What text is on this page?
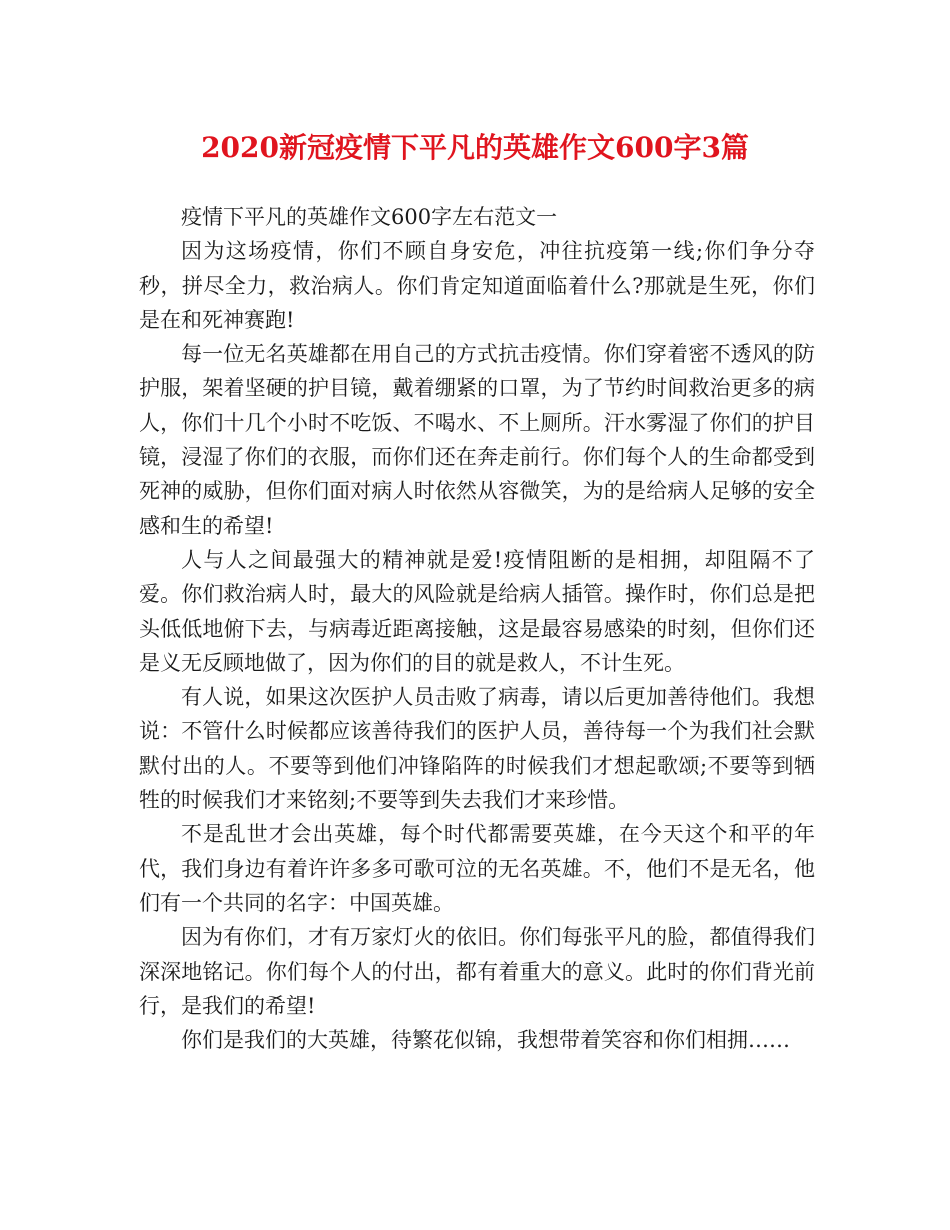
2020新冠疫情下平凡的英雄作文600字3篇

疫情下平凡的英雄作文600字左右范文一

因为这场疫情，你们不顾自身安危，冲往抗疫第一线;你们争分夺秒，拼尽全力，救治病人。你们肯定知道面临着什么?那就是生死，你们是在和死神赛跑!

每一位无名英雄都在用自己的方式抗击疫情。你们穿着密不透风的防护服，架着坚硬的护目镜，戴着绷紧的口罩，为了节约时间救治更多的病人，你们十几个小时不吃饭、不喝水、不上厕所。汗水雾湿了你们的护目镜，浸湿了你们的衣服，而你们还在奔走前行。你们每个人的生命都受到死神的威胁，但你们面对病人时依然从容微笑，为的是给病人足够的安全感和生的希望!

人与人之间最强大的精神就是爱!疫情阻断的是相拥，却阻隔不了爱。你们救治病人时，最大的风险就是给病人插管。操作时，你们总是把头低低地俯下去，与病毒近距离接触，这是最容易感染的时刻，但你们还是义无反顾地做了，因为你们的目的就是救人，不计生死。

有人说，如果这次医护人员击败了病毒，请以后更加善待他们。我想说：不管什么时候都应该善待我们的医护人员，善待每一个为我们社会默默付出的人。不要等到他们冲锋陷阵的时候我们才想起歌颂;不要等到牺牲的时候我们才来铭刻;不要等到失去我们才来珍惜。

不是乱世才会出英雄，每个时代都需要英雄，在今天这个和平的年代，我们身边有着许许多多可歌可泣的无名英雄。不，他们不是无名，他们有一个共同的名字：中国英雄。

因为有你们，才有万家灯火的依旧。你们每张平凡的脸，都值得我们深深地铭记。你们每个人的付出，都有着重大的意义。此时的你们背光前行，是我们的希望!

你们是我们的大英雄，待繁花似锦，我想带着笑容和你们相拥……
